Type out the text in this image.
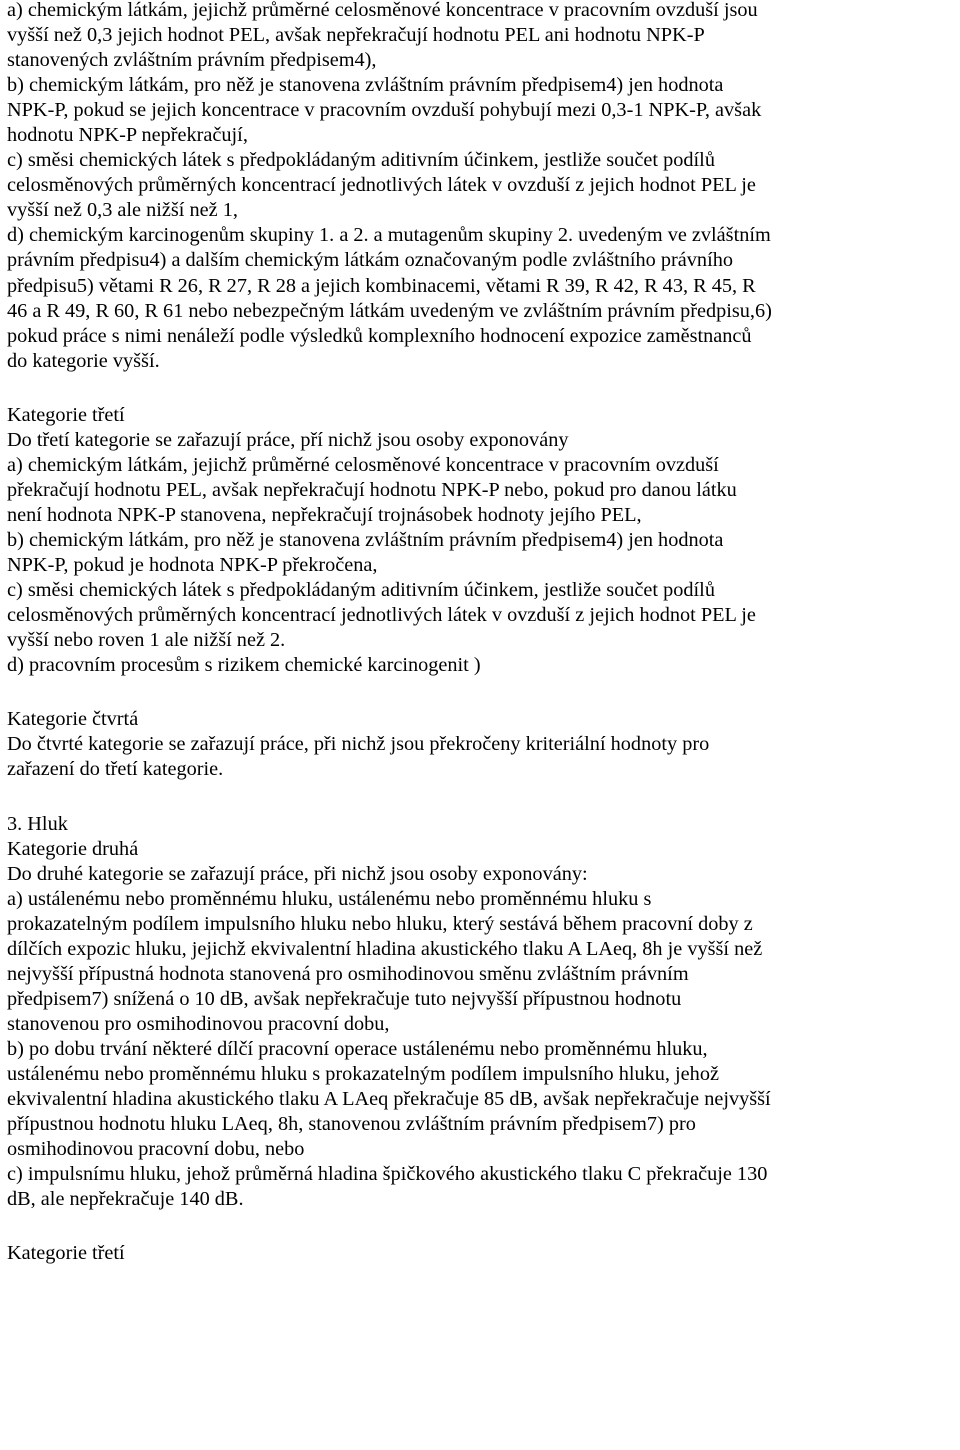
a) chemickým látkám, jejichž průměrné celosměnové koncentrace v pracovním ovzduší jsou
vyšší než 0,3 jejich hodnot PEL, avšak nepřekračují hodnotu PEL ani hodnotu NPK-P
stanovených zvláštním právním předpisem4),
b) chemickým látkám, pro něž je stanovena zvláštním právním předpisem4) jen hodnota
NPK-P, pokud se jejich koncentrace v pracovním ovzduší pohybují mezi 0,3-1 NPK-P, avšak
hodnotu NPK-P nepřekračují,
c) směsi chemických látek s předpokládaným aditivním účinkem, jestliže součet podílů
celosměnových průměrných koncentrací jednotlivých látek v ovzduší z jejich hodnot PEL je
vyšší než 0,3 ale nižší než 1,
d) chemickým karcinogenům skupiny 1. a 2. a mutagenům skupiny 2. uvedeným ve zvláštním
právním předpisu4) a dalším chemickým látkám označovaným podle zvláštního právního
předpisu5) větami R 26, R 27, R 28 a jejich kombinacemi, větami R 39, R 42, R 43, R 45, R
46 a R 49, R 60, R 61 nebo nebezpečným látkám uvedeným ve zvláštním právním předpisu,6)
pokud práce s nimi nenáleží podle výsledků komplexního hodnocení expozice zaměstnanců
do kategorie vyšší.
Kategorie třetí
Do třetí kategorie se zařazují práce, pří nichž jsou osoby exponovány
a) chemickým látkám, jejichž průměrné celosměnové koncentrace v pracovním ovzduší
překračují hodnotu PEL, avšak nepřekračují hodnotu NPK-P nebo, pokud pro danou látku
není hodnota NPK-P stanovena, nepřekračují trojnásobek hodnoty jejího PEL,
b) chemickým látkám, pro něž je stanovena zvláštním právním předpisem4) jen hodnota
NPK-P, pokud je hodnota NPK-P překročena,
c) směsi chemických látek s předpokládaným aditivním účinkem, jestliže součet podílů
celosměnových průměrných koncentrací jednotlivých látek v ovzduší z jejich hodnot PEL je
vyšší nebo roven 1 ale nižší než 2.
d) pracovním procesům s rizikem chemické karcinogenit )
Kategorie čtvrtá
Do čtvrté kategorie se zařazují práce, při nichž jsou překročeny kriteriální hodnoty pro
zařazení do třetí kategorie.
3. Hluk
Kategorie druhá
Do druhé kategorie se zařazují práce, při nichž jsou osoby exponovány:
a) ustálenému nebo proměnnému hluku, ustálenému nebo proměnnému hluku s
prokazatelným podílem impulsního hluku nebo hluku, který sestává během pracovní doby z
dílčích expozic hluku, jejichž ekvivalentní hladina akustického tlaku A LAeq, 8h je vyšší než
nejvyšší přípustná hodnota stanovená pro osmihodinovou směnu zvláštním právním
předpisem7) snížená o 10 dB, avšak nepřekračuje tuto nejvyšší přípustnou hodnotu
stanovenou pro osmihodinovou pracovní dobu,
b) po dobu trvání některé dílčí pracovní operace ustálenému nebo proměnnému hluku,
ustálenému nebo proměnnému hluku s prokazatelným podílem impulsního hluku, jehož
ekvivalentní hladina akustického tlaku A LAeq překračuje 85 dB, avšak nepřekračuje nejvyšší
přípustnou hodnotu hluku LAeq, 8h, stanovenou zvláštním právním předpisem7) pro
osmihodinovou pracovní dobu, nebo
c) impulsnímu hluku, jehož průměrná hladina špičkového akustického tlaku C překračuje 130
dB, ale nepřekračuje 140 dB.
Kategorie třetí
